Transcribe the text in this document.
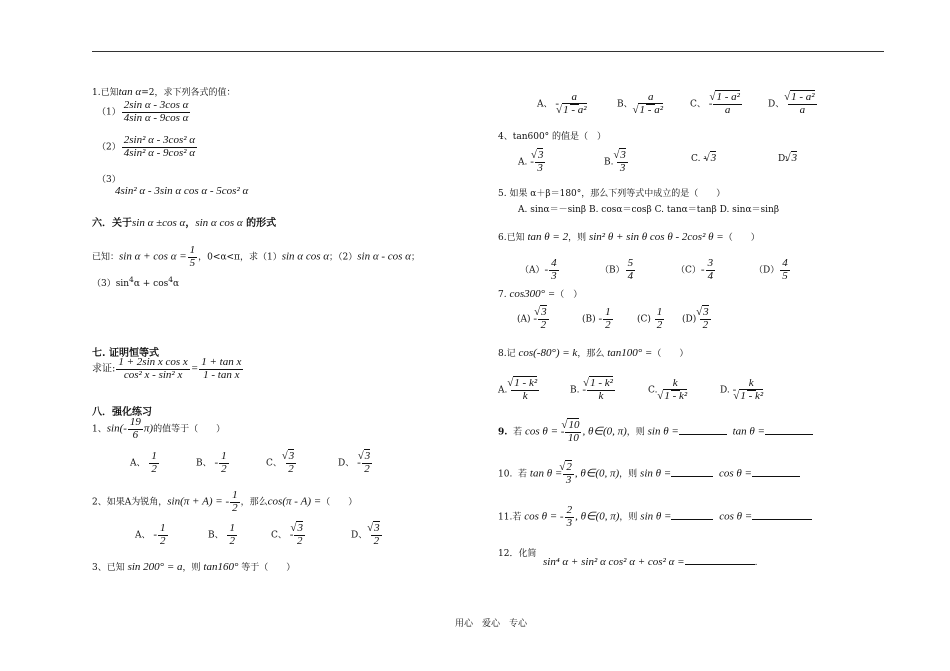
1.已知tan α=2，求下列各式的值：
$(1) \frac{\text{2sin α - 3cos α}}{\text{4sin α - 9cos α}}$
$(2) \frac{\text{2sin² α - 3cos² α}}{\text{4sin² α - 9cos² α}}$
（3）
4sin² α - 3sin α cos α - 5cos² α
六．关于sin α ±cos α，sin α cos α 的形式
已知：$\sin \alpha + \cos \alpha = \frac{1}{5}$ ，0<α<π，求（1）sin α cos α；（2）sin α - cos α；
$(3)\sin^4\alpha + \cos^4\alpha$
七. 证明恒等式
求证: $\frac{\text{1 + 2sin x cos x}}{\text{cos² x - sin² x}} = \frac{\text{1 + tan x}}{\text{1 - tan x}}$
八．强化练习
1、$\sin(- \frac{19}{6} \pi)$的值等于（　　）
A、 $\frac{1}{2}$	B、 - $\frac{1}{2}$	C、 √ $\frac{3}{2}$	D、 - √ $\frac{3}{2}$
2、如果A为锐角，sin(π + A) = - $\frac{1}{2}$ ，那么cos(π - A) =（　　）
A、 - $\frac{1}{2}$	B、 $\frac{1}{2}$	C、 - √ $\frac{3}{2}$	D、 √ $\frac{3}{2}$
3、已知 sin 200° = a，则 tan160° 等于（　　）
A、 - a
√ 1 - a²	B、 a
√ 1 - a²	C、 - √ $\frac{\text{1 - a²}}{a}$	D、 √ $\frac{\text{1 - a²}}{a}$
4、tan600° 的值是（　）
A. - √ $\frac{3}{3}$	B. √ $\frac{3}{3}$	C. - √ 3	D. √ 3
5. 如果 α＋β＝180°，那么下列等式中成立的是（　　）
A. sinα＝－sinβ B. cosα＝cosβ C. tanα＝tanβ D. sinα＝sinβ
6.已知 tan θ = 2，则 sin² θ + sin θ cos θ - 2cos² θ =（　　）
$(A)- \frac{4}{3}$	$(B) \frac{5}{4}$	$(C)- \frac{3}{4}$	$(D) \frac{4}{5}$
7. cos300° =（　）
(A) - √ $\frac{3}{2}$	$(B) - \frac{1}{2}$	$(C) \frac{1}{2} (D)$ √ $\frac{3}{2}$
8.记 cos(-80°) = k，那么 tan100° =（　　）
A. √ $\frac{\text{1 - k²}}{k}$	B. - √ $\frac{\text{1 - k²}}{k}$	C. k
√ 1 - k²	D. - k
√ 1 - k²
9.  若 cos θ = - √ $\frac{10}{10}$ , θ∈(0, π)，则 sin θ =	tan θ =
10.  若 tan θ = √ $\frac{2}{3}$ , θ∈(0, π)，则 sin θ =	cos θ =
11.若 cos θ = - $\frac{2}{3}$ , θ∈(0, π)，则 sin θ =	cos θ =
12．化简
sin⁴ α + sin² α cos² α + cos² α =	.
用心　爱心　专心
